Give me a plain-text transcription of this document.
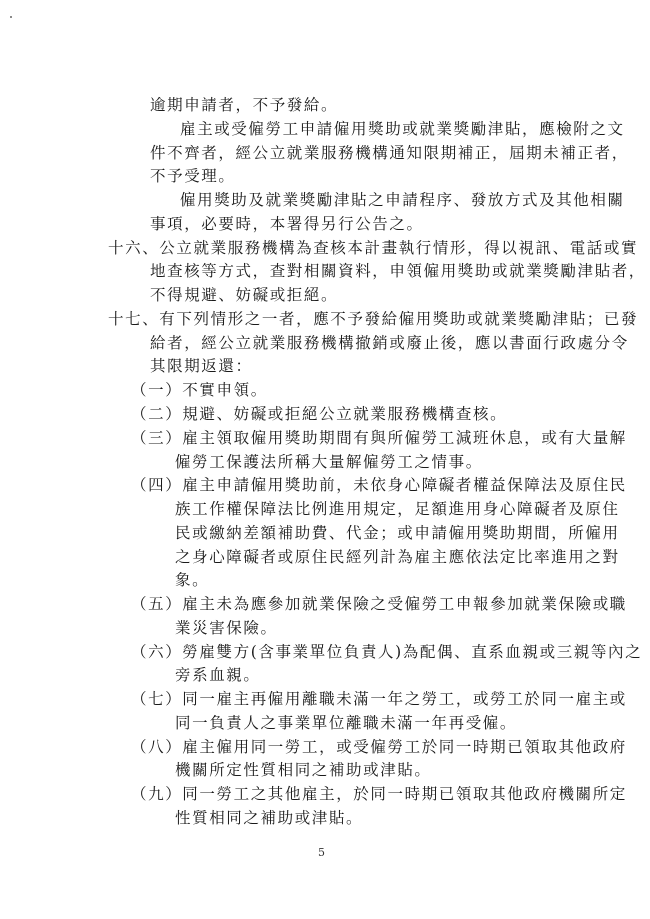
逾期申請者，不予發給。
雇主或受僱勞工申請僱用獎助或就業獎勵津貼，應檢附之文
件不齊者，經公立就業服務機構通知限期補正，屆期未補正者，
不予受理。
僱用獎助及就業獎勵津貼之申請程序、發放方式及其他相關
事項，必要時，本署得另行公告之。
十六、公立就業服務機構為查核本計畫執行情形，得以視訊、電話或實
地查核等方式，查對相關資料，申領僱用獎助或就業獎勵津貼者，
不得規避、妨礙或拒絕。
十七、有下列情形之一者，應不予發給僱用獎助或就業獎勵津貼；已發
給者，經公立就業服務機構撤銷或廢止後，應以書面行政處分令
其限期返還：
（一）不實申領。
（二）規避、妨礙或拒絕公立就業服務機構查核。
（三）雇主領取僱用獎助期間有與所僱勞工減班休息，或有大量解
僱勞工保護法所稱大量解僱勞工之情事。
（四）雇主申請僱用獎助前，未依身心障礙者權益保障法及原住民
族工作權保障法比例進用規定，足額進用身心障礙者及原住
民或繳納差額補助費、代金；或申請僱用獎助期間，所僱用
之身心障礙者或原住民經列計為雇主應依法定比率進用之對
象。
（五）雇主未為應參加就業保險之受僱勞工申報參加就業保險或職
業災害保險。
（六）勞雇雙方(含事業單位負責人)為配偶、直系血親或三親等內之
旁系血親。
（七）同一雇主再僱用離職未滿一年之勞工，或勞工於同一雇主或
同一負責人之事業單位離職未滿一年再受僱。
（八）雇主僱用同一勞工，或受僱勞工於同一時期已領取其他政府
機關所定性質相同之補助或津貼。
（九）同一勞工之其他雇主，於同一時期已領取其他政府機關所定
性質相同之補助或津貼。
5
